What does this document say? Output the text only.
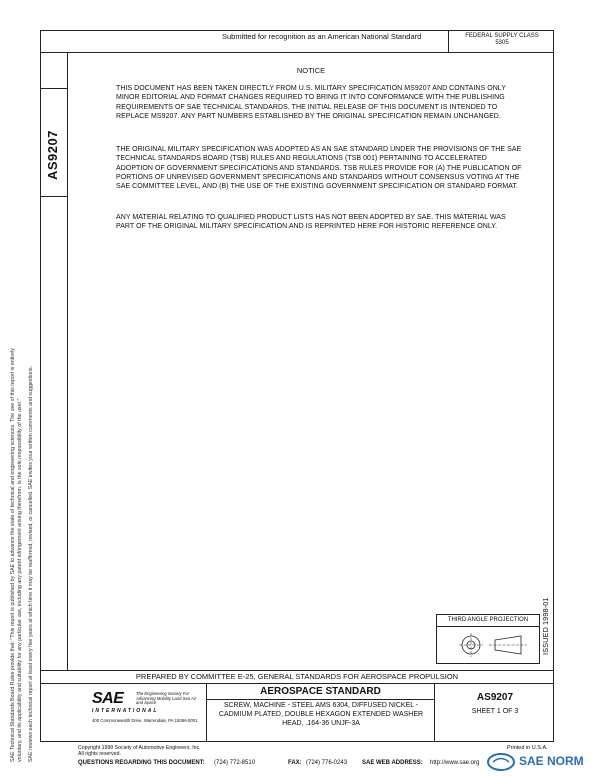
Submitted for recognition as an American National Standard	FEDERAL SUPPLY CLASS
5305
AS9207
SAE Technical Standards Board Rules provide that: "This report is published by SAE to advance the state of technical and engineering sciences. The use of this report is entirely voluntary, and its applicability and suitability for any particular use, including any patent infringement arising therefrom, is the sole responsibility of the user." SAE reviews each technical report at least every five years at which time it may be reaffirmed, revised, or cancelled. SAE invites your written comments and suggestions.
NOTICE
THIS DOCUMENT HAS BEEN TAKEN DIRECTLY FROM U.S. MILITARY SPECIFICATION MS9207 AND CONTAINS ONLY MINOR EDITORIAL AND FORMAT CHANGES REQUIRED TO BRING IT INTO CONFORMANCE WITH THE PUBLISHING REQUIREMENTS OF SAE TECHNICAL STANDARDS. THE INITIAL RELEASE OF THIS DOCUMENT IS INTENDED TO REPLACE MS9207. ANY PART NUMBERS ESTABLISHED BY THE ORIGINAL SPECIFICATION REMAIN UNCHANGED.
THE ORIGINAL MILITARY SPECIFICATION WAS ADOPTED AS AN SAE STANDARD UNDER THE PROVISIONS OF THE SAE TECHNICAL STANDARDS BOARD (TSB) RULES AND REGULATIONS (TSB 001) PERTAINING TO ACCELERATED ADOPTION OF GOVERNMENT SPECIFICATIONS AND STANDARDS. TSB RULES PROVIDE FOR (A) THE PUBLICATION OF PORTIONS OF UNREVISED GOVERNMENT SPECIFICATIONS AND STANDARDS WITHOUT CONSENSUS VOTING AT THE SAE COMMITTEE LEVEL, AND (B) THE USE OF THE EXISTING GOVERNMENT SPECIFICATION OR STANDARD FORMAT.
ANY MATERIAL RELATING TO QUALIFIED PRODUCT LISTS HAS NOT BEEN ADOPTED BY SAE. THIS MATERIAL WAS PART OF THE ORIGINAL MILITARY SPECIFICATION AND IS REPRINTED HERE FOR HISTORIC REFERENCE ONLY.
ISSUED 1998-01
THIRD ANGLE PROJECTION
PREPARED BY COMMITTEE E-25, GENERAL STANDARDS FOR AEROSPACE PROPULSION
SAE	The Engineering Society For Advancing Mobility Land Sea Air and Space
INTERNATIONAL
400 Commonwealth Drive, Warrendale, PA 15096-0001
AEROSPACE STANDARD
SCREW, MACHINE - STEEL AMS 6304, DIFFUSED NICKEL - CADMIUM PLATED, DOUBLE HEXAGON EXTENDED WASHER HEAD, .164-36 UNJF-3A
AS9207
SHEET 1 OF 3
Copyright 1998 Society of Automotive Engineers, Inc.
All rights reserved.
Printed in U.S.A.
QUESTIONS REGARDING THIS DOCUMENT: (724) 772-8510	FAX: (724) 776-0243 SAE WEB ADDRESS: http://www.sae.org	SAE NORM
